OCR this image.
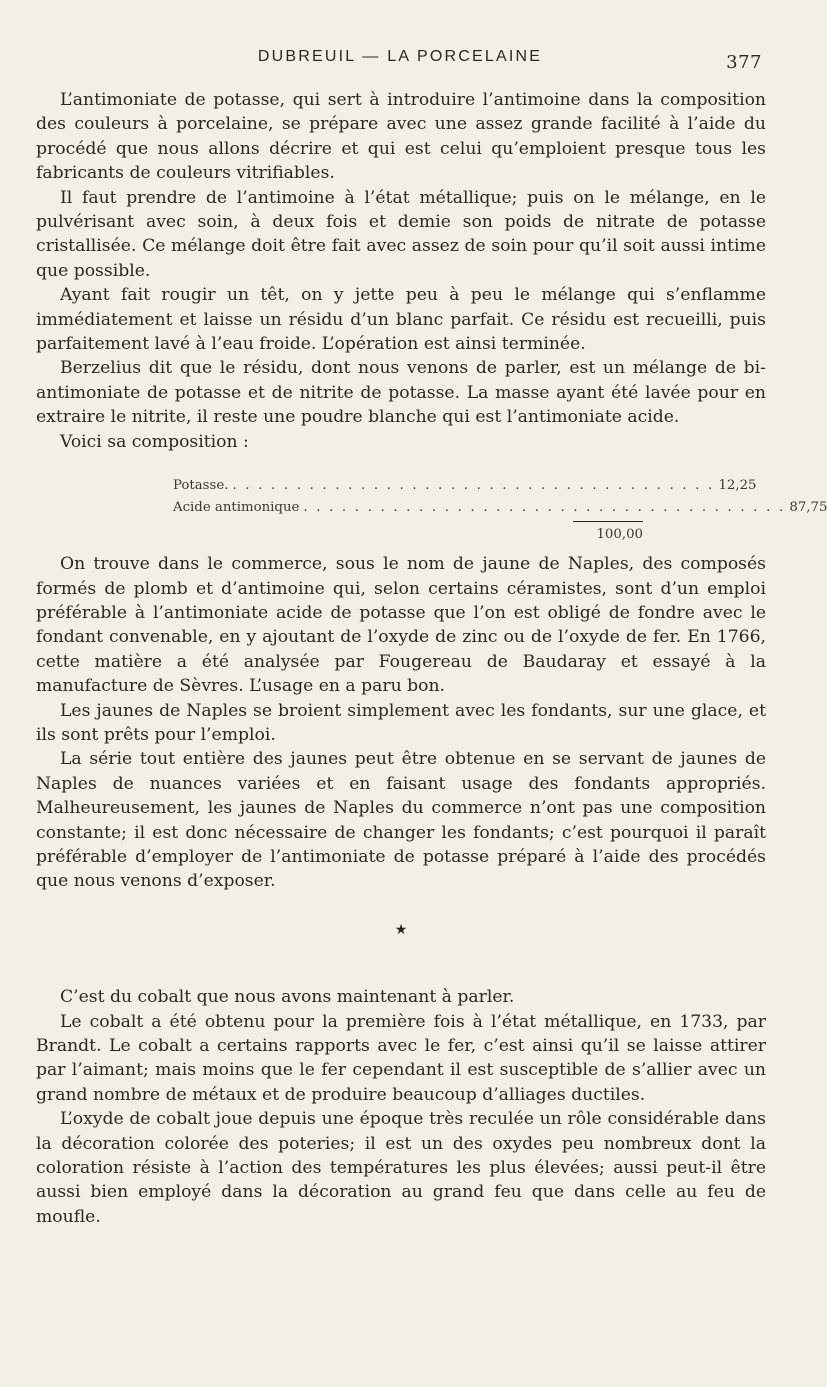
DUBREUIL — LA PORCELAINE	377

L’antimoniate de potasse, qui sert à introduire l’antimoine dans la composition des couleurs à porcelaine, se prépare avec une assez grande facilité à l’aide du procédé que nous allons décrire et qui est celui qu’emploient presque tous les fabricants de couleurs vitrifiables.

Il faut prendre de l’antimoine à l’état métallique; puis on le mélange, en le pulvérisant avec soin, à deux fois et demie son poids de nitrate de potasse cristallisée. Ce mélange doit être fait avec assez de soin pour qu’il soit aussi intime que possible.

Ayant fait rougir un têt, on y jette peu à peu le mélange qui s’enflamme immédiatement et laisse un résidu d’un blanc parfait. Ce résidu est recueilli, puis parfaitement lavé à l’eau froide. L’opération est ainsi terminée.

Berzelius dit que le résidu, dont nous venons de parler, est un mélange de bi-antimoniate de potasse et de nitrite de potasse. La masse ayant été lavée pour en extraire le nitrite, il reste une poudre blanche qui est l’antimoniate acide.

Voici sa composition :

Potasse. . . . . . . . . . . . . . . . . . . . . . . . . . . . . . . . . . . . . . . 12,25
Acide antimonique . . . . . . . . . . . . . . . . . . . . . . . . . . . . . . . . . . . . . . 87,75
100,00

On trouve dans le commerce, sous le nom de jaune de Naples, des composés formés de plomb et d’antimoine qui, selon certains céramistes, sont d’un emploi préférable à l’antimoniate acide de potasse que l’on est obligé de fondre avec le fondant convenable, en y ajoutant de l’oxyde de zinc ou de l’oxyde de fer. En 1766, cette matière a été analysée par Fougereau de Baudaray et essayé à la manufacture de Sèvres. L’usage en a paru bon.

Les jaunes de Naples se broient simplement avec les fondants, sur une glace, et ils sont prêts pour l’emploi.

La série tout entière des jaunes peut être obtenue en se servant de jaunes de Naples de nuances variées et en faisant usage des fondants appropriés. Malheureusement, les jaunes de Naples du commerce n’ont pas une composition constante; il est donc nécessaire de changer les fondants; c’est pourquoi il paraît préférable d’employer de l’antimoniate de potasse préparé à l’aide des procédés que nous venons d’exposer.

★

C’est du cobalt que nous avons maintenant à parler.

Le cobalt a été obtenu pour la première fois à l’état métallique, en 1733, par Brandt. Le cobalt a certains rapports avec le fer, c’est ainsi qu’il se laisse attirer par l’aimant; mais moins que le fer cependant il est susceptible de s’allier avec un grand nombre de métaux et de produire beaucoup d’alliages ductiles.

L’oxyde de cobalt joue depuis une époque très reculée un rôle considérable dans la décoration colorée des poteries; il est un des oxydes peu nombreux dont la coloration résiste à l’action des températures les plus élevées; aussi peut-il être aussi bien employé dans la décoration au grand feu que dans celle au feu de moufle.
